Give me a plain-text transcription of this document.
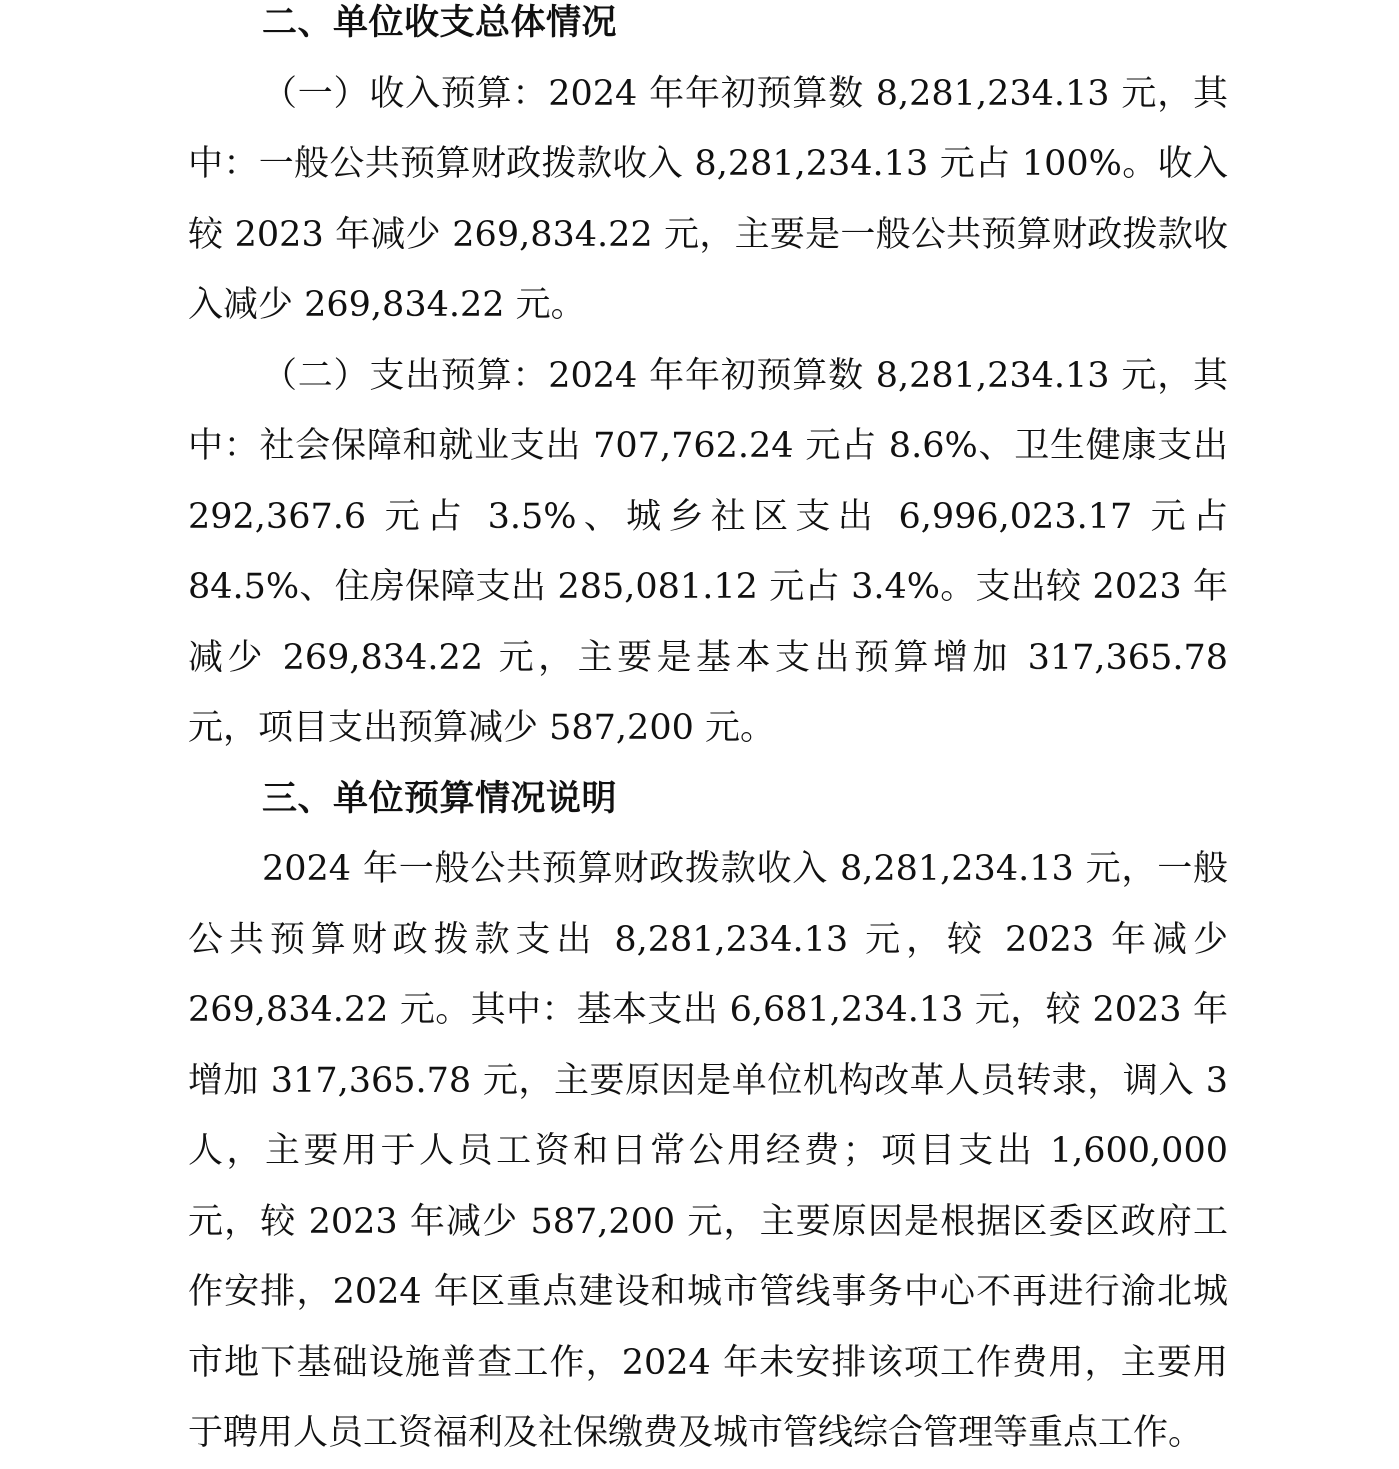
二、单位收支总体情况

（一）收入预算：2024 年年初预算数 8,281,234.13 元，其中：一般公共预算财政拨款收入 8,281,234.13 元占 100%。收入较 2023 年减少 269,834.22 元，主要是一般公共预算财政拨款收入减少 269,834.22 元。

（二）支出预算：2024 年年初预算数 8,281,234.13 元，其中：社会保障和就业支出 707,762.24 元占 8.6%、卫生健康支出 292,367.6 元占 3.5%、城乡社区支出 6,996,023.17 元占 84.5%、住房保障支出 285,081.12 元占 3.4%。支出较 2023 年减少 269,834.22 元，主要是基本支出预算增加 317,365.78 元，项目支出预算减少 587,200 元。

三、单位预算情况说明

2024 年一般公共预算财政拨款收入 8,281,234.13 元，一般公共预算财政拨款支出 8,281,234.13 元，较 2023 年减少 269,834.22 元。其中：基本支出 6,681,234.13 元，较 2023 年增加 317,365.78 元，主要原因是单位机构改革人员转隶，调入 3 人，主要用于人员工资和日常公用经费；项目支出 1,600,000 元，较 2023 年减少 587,200 元，主要原因是根据区委区政府工作安排，2024 年区重点建设和城市管线事务中心不再进行渝北城市地下基础设施普查工作，2024 年未安排该项工作费用，主要用于聘用人员工资福利及社保缴费及城市管线综合管理等重点工作。
